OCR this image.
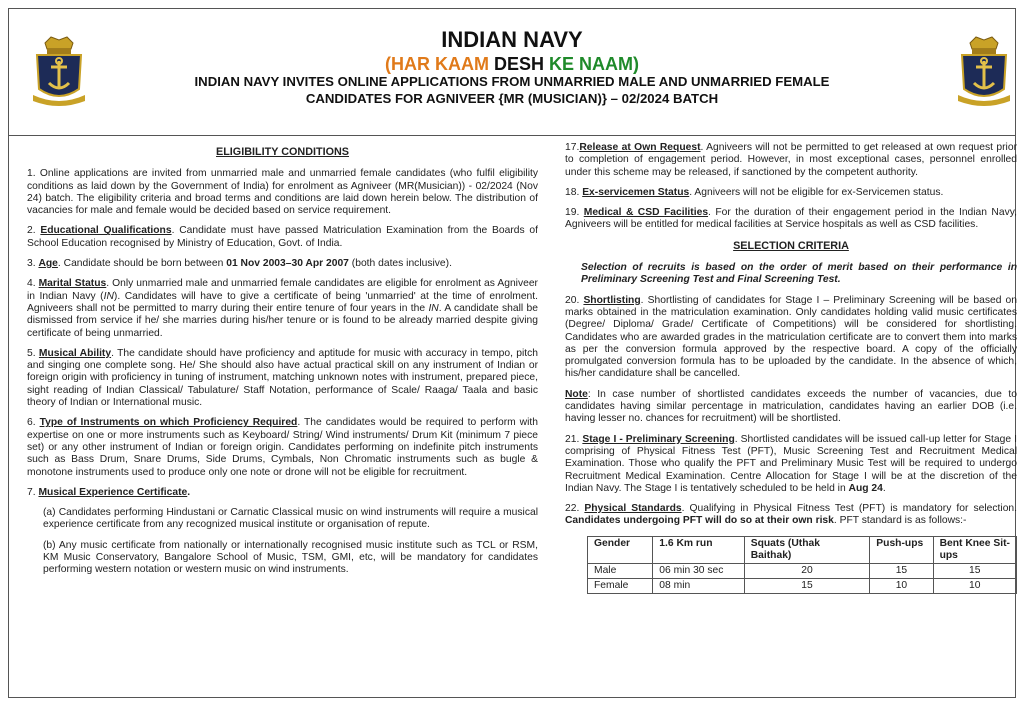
INDIAN NAVY
(HAR KAAM DESH KE NAAM)
INDIAN NAVY INVITES ONLINE APPLICATIONS FROM UNMARRIED MALE AND UNMARRIED FEMALE
CANDIDATES FOR AGNIVEER {MR (MUSICIAN)} – 02/2024 BATCH
ELIGIBILITY CONDITIONS

1. Online applications are invited from unmarried male and unmarried female candidates (who fulfil eligibility conditions as laid down by the Government of India) for enrolment as Agniveer (MR(Musician)) - 02/2024 (Nov 24) batch. The eligibility criteria and broad terms and conditions are laid down herein below. The distribution of vacancies for male and female would be decided based on service requirement.

2. Educational Qualifications. Candidate must have passed Matriculation Examination from the Boards of School Education recognised by Ministry of Education, Govt. of India.

3. Age. Candidate should be born between 01 Nov 2003–30 Apr 2007 (both dates inclusive).

4. Marital Status. Only unmarried male and unmarried female candidates are eligible for enrolment as Agniveer in Indian Navy (IN). Candidates will have to give a certificate of being 'unmarried' at the time of enrolment. Agniveers shall not be permitted to marry during their entire tenure of four years in the IN. A candidate shall be dismissed from service if he/ she marries during his/her tenure or is found to be already married despite giving certificate of being unmarried.

5. Musical Ability. The candidate should have proficiency and aptitude for music with accuracy in tempo, pitch and singing one complete song. He/ She should also have actual practical skill on any instrument of Indian or foreign origin with proficiency in tuning of instrument, matching unknown notes with instrument, prepared piece, sight reading of Indian Classical/ Tabulature/ Staff Notation, performance of Scale/ Raaga/ Taala and basic theory of Indian or International music.

6. Type of Instruments on which Proficiency Required. The candidates would be required to perform with expertise on one or more instruments such as Keyboard/ String/ Wind instruments/ Drum Kit (minimum 7 piece set) or any other instrument of Indian or foreign origin. Candidates performing on indefinite pitch instruments such as Bass Drum, Snare Drums, Side Drums, Cymbals, Non Chromatic instruments such as bugle & monotone instruments used to produce only one note or drone will not be eligible for recruitment.

7. Musical Experience Certificate.

(a) Candidates performing Hindustani or Carnatic Classical music on wind instruments will require a musical experience certificate from any recognized musical institute or organisation of repute.

(b) Any music certificate from nationally or internationally recognised music institute such as TCL or RSM, KM Music Conservatory, Bangalore School of Music, TSM, GMI, etc, will be mandatory for candidates performing western notation or western music on wind instruments.

17.Release at Own Request. Agniveers will not be permitted to get released at own request prior to completion of engagement period. However, in most exceptional cases, personnel enrolled under this scheme may be released, if sanctioned by the competent authority.

18. Ex-servicemen Status. Agniveers will not be eligible for ex-Servicemen status.

19. Medical & CSD Facilities. For the duration of their engagement period in the Indian Navy, Agniveers will be entitled for medical facilities at Service hospitals as well as CSD facilities.

SELECTION CRITERIA

Selection of recruits is based on the order of merit based on their performance in Preliminary Screening Test and Final Screening Test.

20. Shortlisting. Shortlisting of candidates for Stage I – Preliminary Screening will be based on marks obtained in the matriculation examination. Only candidates holding valid music certificates (Degree/ Diploma/ Grade/ Certificate of Competitions) will be considered for shortlisting. Candidates who are awarded grades in the matriculation certificate are to convert them into marks as per the conversion formula approved by the respective board. A copy of the officially promulgated conversion formula has to be uploaded by the candidate. In the absence of which, his/her candidature shall be cancelled.

Note: In case number of shortlisted candidates exceeds the number of vacancies, due to candidates having similar percentage in matriculation, candidates having an earlier DOB (i.e. having lesser no. chances for recruitment) will be shortlisted.

21. Stage I - Preliminary Screening. Shortlisted candidates will be issued call-up letter for Stage I comprising of Physical Fitness Test (PFT), Music Screening Test and Recruitment Medical Examination. Those who qualify the PFT and Preliminary Music Test will be required to undergo Recruitment Medical Examination. Centre Allocation for Stage I will be at the discretion of the Indian Navy. The Stage I is tentatively scheduled to be held in Aug 24.

22. Physical Standards. Qualifying in Physical Fitness Test (PFT) is mandatory for selection. Candidates undergoing PFT will do so at their own risk. PFT standard is as follows:-

Gender	1.6 Km run	Squats (Uthak Baithak)	Push-ups	Bent Knee Sit-ups
Male	06 min 30 sec	20	15	15
Female	08 min	15	10	10
